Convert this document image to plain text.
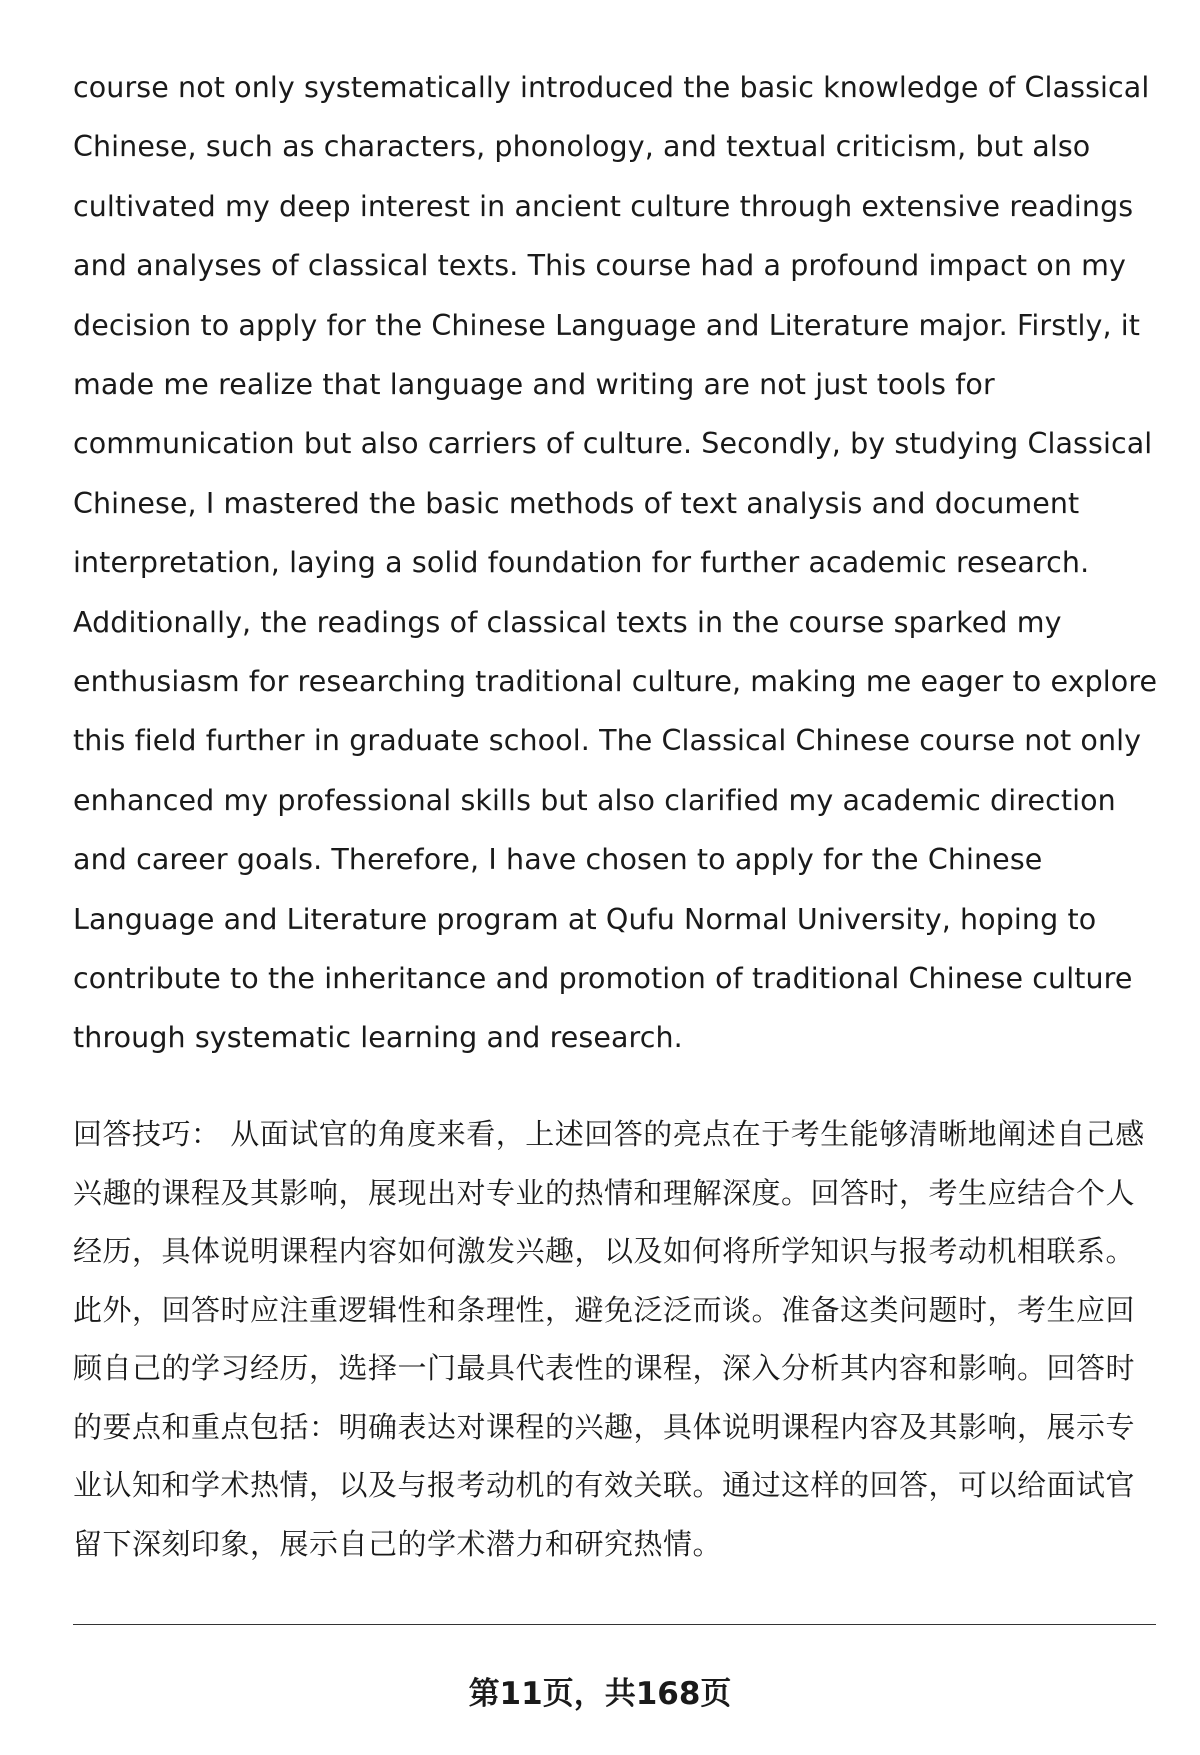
course not only systematically introduced the basic knowledge of Classical
Chinese, such as characters, phonology, and textual criticism, but also
cultivated my deep interest in ancient culture through extensive readings
and analyses of classical texts. This course had a profound impact on my
decision to apply for the Chinese Language and Literature major. Firstly, it
made me realize that language and writing are not just tools for
communication but also carriers of culture. Secondly, by studying Classical
Chinese, I mastered the basic methods of text analysis and document
interpretation, laying a solid foundation for further academic research.
Additionally, the readings of classical texts in the course sparked my
enthusiasm for researching traditional culture, making me eager to explore
this field further in graduate school. The Classical Chinese course not only
enhanced my professional skills but also clarified my academic direction
and career goals. Therefore, I have chosen to apply for the Chinese
Language and Literature program at Qufu Normal University, hoping to
contribute to the inheritance and promotion of traditional Chinese culture
through systematic learning and research.
回答技巧： 从面试官的角度来看，上述回答的亮点在于考生能够清晰地阐述自己感
兴趣的课程及其影响，展现出对专业的热情和理解深度。回答时，考生应结合个人
经历，具体说明课程内容如何激发兴趣，以及如何将所学知识与报考动机相联系。
此外，回答时应注重逻辑性和条理性，避免泛泛而谈。准备这类问题时，考生应回
顾自己的学习经历，选择一门最具代表性的课程，深入分析其内容和影响。回答时
的要点和重点包括：明确表达对课程的兴趣，具体说明课程内容及其影响，展示专
业认知和学术热情，以及与报考动机的有效关联。通过这样的回答，可以给面试官
留下深刻印象，展示自己的学术潜力和研究热情。
第11页，共168页
